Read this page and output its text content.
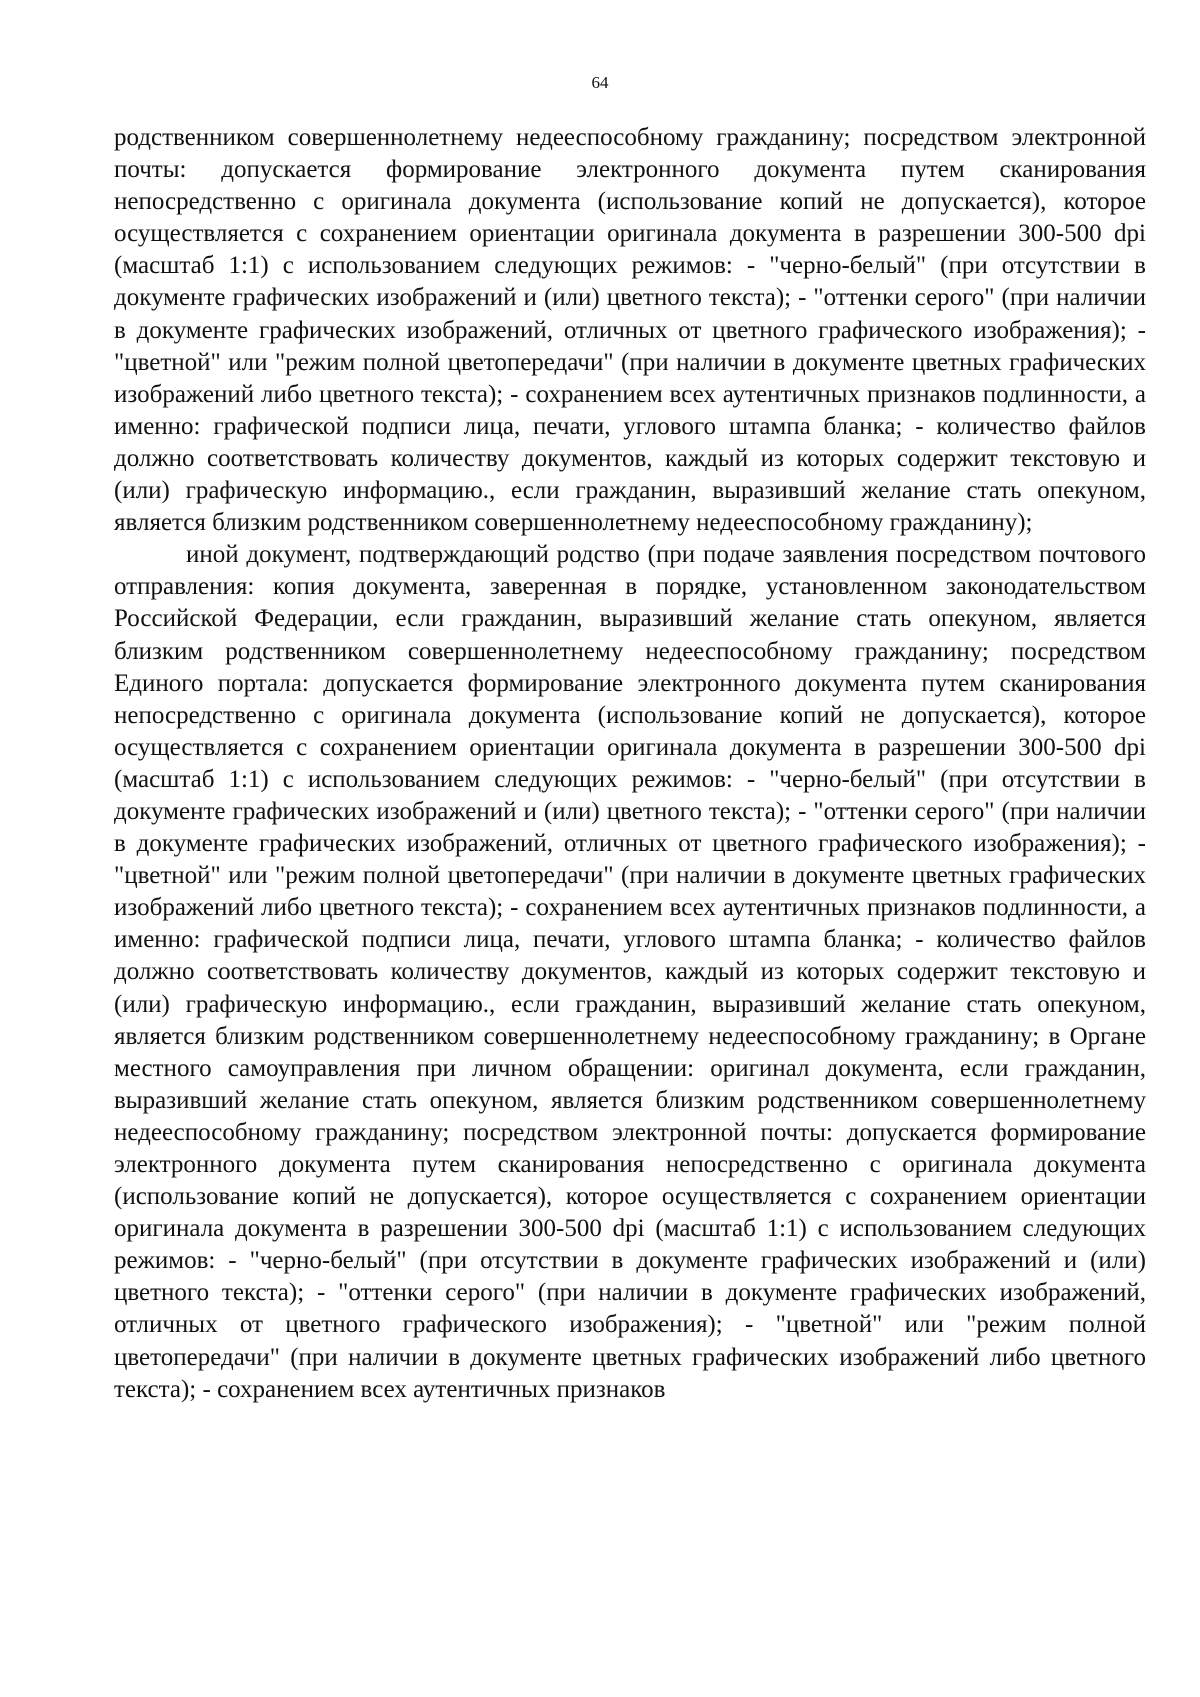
64

родственником совершеннолетнему недееспособному гражданину; посредством электронной почты: допускается формирование электронного документа путем сканирования непосредственно с оригинала документа (использование копий не допускается), которое осуществляется с сохранением ориентации оригинала документа в разрешении 300-500 dpi (масштаб 1:1) с использованием следующих режимов: - "черно-белый" (при отсутствии в документе графических изображений и (или) цветного текста); - "оттенки серого" (при наличии в документе графических изображений, отличных от цветного графического изображения); - "цветной" или "режим полной цветопередачи" (при наличии в документе цветных графических изображений либо цветного текста); - сохранением всех аутентичных признаков подлинности, а именно: графической подписи лица, печати, углового штампа бланка; - количество файлов должно соответствовать количеству документов, каждый из которых содержит текстовую и (или) графическую информацию., если гражданин, выразивший желание стать опекуном, является близким родственником совершеннолетнему недееспособному гражданину);

иной документ, подтверждающий родство (при подаче заявления посредством почтового отправления: копия документа, заверенная в порядке, установленном законодательством Российской Федерации, если гражданин, выразивший желание стать опекуном, является близким родственником совершеннолетнему недееспособному гражданину; посредством Единого портала: допускается формирование электронного документа путем сканирования непосредственно с оригинала документа (использование копий не допускается), которое осуществляется с сохранением ориентации оригинала документа в разрешении 300-500 dpi (масштаб 1:1) с использованием следующих режимов: - "черно-белый" (при отсутствии в документе графических изображений и (или) цветного текста); - "оттенки серого" (при наличии в документе графических изображений, отличных от цветного графического изображения); - "цветной" или "режим полной цветопередачи" (при наличии в документе цветных графических изображений либо цветного текста); - сохранением всех аутентичных признаков подлинности, а именно: графической подписи лица, печати, углового штампа бланка; - количество файлов должно соответствовать количеству документов, каждый из которых содержит текстовую и (или) графическую информацию., если гражданин, выразивший желание стать опекуном, является близким родственником совершеннолетнему недееспособному гражданину; в Органе местного самоуправления при личном обращении: оригинал документа, если гражданин, выразивший желание стать опекуном, является близким родственником совершеннолетнему недееспособному гражданину; посредством электронной почты: допускается формирование электронного документа путем сканирования непосредственно с оригинала документа (использование копий не допускается), которое осуществляется с сохранением ориентации оригинала документа в разрешении 300-500 dpi (масштаб 1:1) с использованием следующих режимов: - "черно-белый" (при отсутствии в документе графических изображений и (или) цветного текста); - "оттенки серого" (при наличии в документе графических изображений, отличных от цветного графического изображения); - "цветной" или "режим полной цветопередачи" (при наличии в документе цветных графических изображений либо цветного текста); - сохранением всех аутентичных признаков
